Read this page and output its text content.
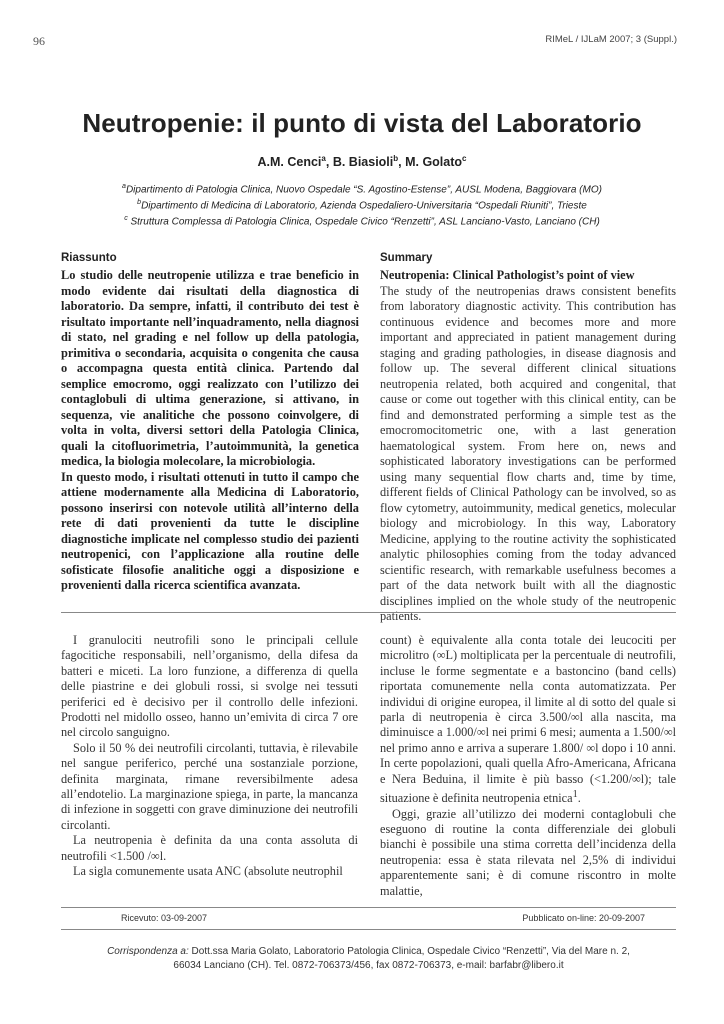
96	RIMeL / IJLaM 2007; 3 (Suppl.)
Neutropenie: il punto di vista del Laboratorio
A.M. Cenci$^a$, B. Biasioli$^b$, M. Golato$^c$
$^a$Dipartimento di Patologia Clinica, Nuovo Ospedale “S. Agostino-Estense”, AUSL Modena, Baggiovara (MO)
$^b$Dipartimento di Medicina di Laboratorio, Azienda Ospedaliero-Universitaria “Ospedali Riuniti”, Trieste
$^c$ Struttura Complessa di Patologia Clinica, Ospedale Civico “Renzetti”, ASL Lanciano-Vasto, Lanciano (CH)
Riassunto	Summary

Lo studio delle neutropenie utilizza e trae beneficio in modo evidente dai risultati della diagnostica di laboratorio. Da sempre, infatti, il contributo dei test è risultato importante nell’inquadramento, nella diagnosi di stato, nel grading e nel follow up della patologia, primitiva o secondaria, acquisita o congenita che causa o accompagna questa entità clinica. Partendo dal semplice emocromo, oggi realizzato con l’utilizzo dei contaglobuli di ultima generazione, si attivano, in sequenza, vie analitiche che possono coinvolgere, di volta in volta, diversi settori della Patologia Clinica, quali la citofluorimetria, l’autoimmunità, la genetica medica, la biologia molecolare, la microbiologia.

In questo modo, i risultati ottenuti in tutto il campo che attiene modernamente alla Medicina di Laboratorio, possono inserirsi con notevole utilità all’interno della rete di dati provenienti da tutte le discipline diagnostiche implicate nel complesso studio dei pazienti neutropenici, con l’applicazione alla routine delle sofisticate filosofie analitiche oggi a disposizione e provenienti dalla ricerca scientifica avanzata.

Neutropenia: Clinical Pathologist’s point of view
The study of the neutropenias draws consistent benefits from laboratory diagnostic activity. This contribution has continuous evidence and becomes more and more important and appreciated in patient management during staging and grading pathologies, in disease diagnosis and follow up. The several different clinical situations neutropenia related, both acquired and congenital, that cause or come out together with this clinical entity, can be find and demonstrated performing a simple test as the emocromocitometric one, with a last generation haematological system. From here on, news and sophisticated laboratory investigations can be performed using many sequential flow charts and, time by time, different fields of Clinical Pathology can be involved, so as flow cytometry, autoimmunity, medical genetics, molecular biology and microbiology. In this way, Laboratory Medicine, applying to the routine activity the sophisticated analytic philosophies coming from the today advanced scientific research, with remarkable usefulness becomes a part of the data network built with all the diagnostic disciplines implied on the whole study of the neutropenic patients.

I granulociti neutrofili sono le principali cellule fagocitiche responsabili, nell’organismo, della difesa da batteri e miceti. La loro funzione, a differenza di quella delle piastrine e dei globuli rossi, si svolge nei tessuti periferici ed è decisivo per il controllo delle infezioni. Prodotti nel midollo osseo, hanno un’emivita di circa 7 ore nel circolo sanguigno.

Solo il 50 % dei neutrofili circolanti, tuttavia, è rilevabile nel sangue periferico, perché una sostanziale porzione, definita marginata, rimane reversibilmente adesa all’endotelio. La marginazione spiega, in parte, la mancanza di infezione in soggetti con grave diminuzione dei neutrofili circolanti.

La neutropenia è definita da una conta assoluta di neutrofili <1.500 /∞l.

La sigla comunemente usata ANC (absolute neutrophil

count) è equivalente alla conta totale dei leucociti per microlitro (∞L) moltiplicata per la percentuale di neutrofili, incluse le forme segmentate e a bastoncino (band cells) riportata comunemente nella conta automatizzata. Per individui di origine europea, il limite al di sotto del quale si parla di neutropenia è circa 3.500/∞l alla nascita, ma diminuisce a 1.000/∞l nei primi 6 mesi; aumenta a 1.500/∞l nel primo anno e arriva a superare 1.800/ ∞l dopo i 10 anni. In certe popolazioni, quali quella Afro-Americana, Africana e Nera Beduina, il limite è più basso (<1.200/∞l); tale situazione è definita neutropenia etnica$^1$.

Oggi, grazie all’utilizzo dei moderni contaglobuli che eseguono di routine la conta differenziale dei globuli bianchi è possibile una stima corretta dell’incidenza della neutropenia: essa è stata rilevata nel 2,5% di individui apparentemente sani; è di comune riscontro in molte malattie,

Ricevuto: 03-09-2007	Pubblicato on-line: 20-09-2007
Corrispondenza a: Dott.ssa Maria Golato, Laboratorio Patologia Clinica, Ospedale Civico “Renzetti”, Via del Mare n. 2,
66034 Lanciano (CH). Tel. 0872-706373/456, fax 0872-706373, e-mail: barfabr@libero.it
